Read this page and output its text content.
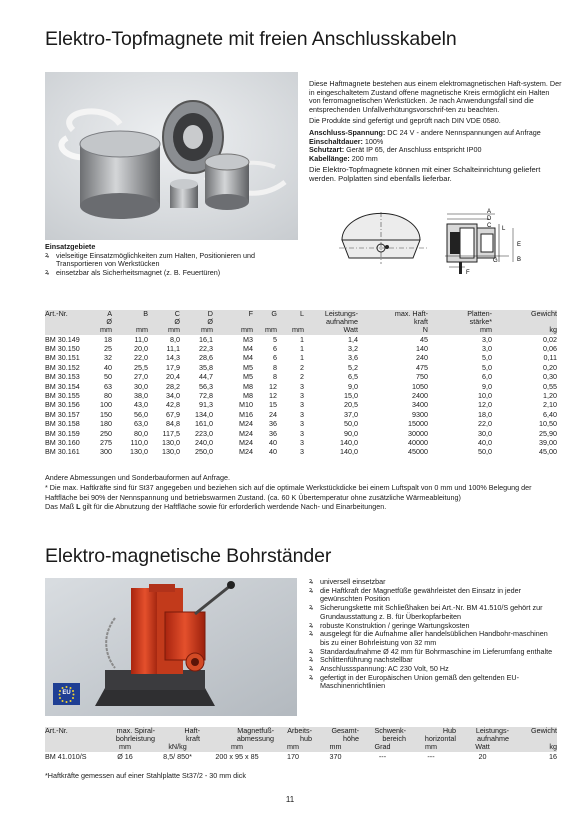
Elektro-Topfmagnete mit freien Anschlusskabeln

Diese Haftmagnete bestehen aus einem elektromagnetischen Haft-system. Der in eingeschaltetem Zustand offene magnetische Kreis ermöglicht ein Halten von ferromagnetischen Werkstücken. Je nach Anwendungsfall sind die entsprechenden Unfallverhütungsvorschrif-ten zu beachten.

Die Produkte sind gefertigt und geprüft nach DIN VDE 0580.

Anschluss-Spannung: DC 24 V - andere Nennspannungen auf Anfrage
Einschaltdauer: 100%
Schutzart: Gerät IP 65, der Anschluss entspricht IP00
Kabellänge: 200 mm

Die Elektro-Topfmagnete können mit einer Schalteinrichtung geliefert werden. Polplatten sind ebenfalls lieferbar.

A
D
C L
E
B
G
F
Einsatzgebiete
ꝝ vielseitige Einsatzmöglichkeiten zum Halten, Positionieren und Transportieren von Werkstücken
ꝝ einsetzbar als Sicherheitsmagnet (z. B. Feuertüren)
Art.-Nr.	A	B	C	D	F	G	L	Leistungs-	max. Haft-	Platten-	Gewicht
	Ø		Ø	Ø				aufnahme	kraft	stärke*	
	mm	mm	mm	mm	mm	mm	mm	Watt	N	mm	kg
BM 30.149	18	11,0	8,0	16,1	M3	5	1	1,4	45	3,0	0,02
BM 30.150	25	20,0	11,1	22,3	M4	6	1	3,2	140	3,0	0,06
BM 30.151	32	22,0	14,3	28,6	M4	6	1	3,6	240	5,0	0,11
BM 30.152	40	25,5	17,9	35,8	M5	8	2	5,2	475	5,0	0,20
BM 30.153	50	27,0	20,4	44,7	M5	8	2	6,5	750	6,0	0,30
BM 30.154	63	30,0	28,2	56,3	M8	12	3	9,0	1050	9,0	0,55
BM 30.155	80	38,0	34,0	72,8	M8	12	3	15,0	2400	10,0	1,20
BM 30.156	100	43,0	42,8	91,3	M10	15	3	20,5	3400	12,0	2,10
BM 30.157	150	56,0	67,9	134,0	M16	24	3	37,0	9300	18,0	6,40
BM 30.158	180	63,0	84,8	161,0	M24	36	3	50,0	15000	22,0	10,50
BM 30.159	250	80,0	117,5	223,0	M24	36	3	90,0	30000	30,0	25,90
BM 30.160	275	110,0	130,0	240,0	M24	40	3	140,0	40000	40,0	39,00
BM 30.161	300	130,0	130,0	250,0	M24	40	3	140,0	45000	50,0	45,00
Andere Abmessungen und Sonderbauformen auf Anfrage.
* Die max. Haftkräfte sind für St37 angegeben und beziehen sich auf die optimale Werkstückdicke bei einem Luftspalt von 0 mm und 100% Belegung der Haftfläche bei 90% der Nennspannung und betriebswarmen Zustand. (ca. 60 K Übertemperatur ohne zusätzliche Wärmeableitung)
Das Maß L gilt für die Abnutzung der Haftfläche sowie für erforderlich werdende Nach- und Einarbeitungen.
Elektro-magnetische Bohrständer
EU
ꝝ universell einsetzbar
ꝝ die Haftkraft der Magnetfüße gewährleistet den Einsatz in jeder gewünschten Position
ꝝ Sicherungskette mit Schließhaken bei Art.-Nr. BM 41.510/S gehört zur Grundausstattung z. B. für Überkopfarbeiten
ꝝ robuste Konstruktion / geringe Wartungskosten
ꝝ ausgelegt für die Aufnahme aller handelsüblichen Handbohr-maschinen bis zu einer Bohrleistung von 32 mm
ꝝ Standardaufnahme Ø 42 mm für Bohrmaschine im Lieferumfang enthalte
ꝝ Schlittenführung nachstellbar
ꝝ Anschlussspannung: AC 230 Volt, 50 Hz
ꝝ gefertigt in der Europäischen Union gemäß den geltenden EU-Maschinenrichtlinien
Art.-Nr.	max. Spiral-	Haft-	Magnetfuß-	Arbeits-	Gesamt-	Schwenk-	Hub	Leistungs-	Gewicht
	bohrleistung	kraft	abmessung	hub	höhe	bereich	horizontal	aufnahme	
	mm	kN/kg	mm	mm	mm	Grad	mm	Watt	kg
BM 41.010/S	Ø 16	8,5/ 850*	200 x 95 x 85	170	370	---	---	20	16
*Haftkräfte gemessen auf einer Stahlplatte St37/2 - 30 mm dick
11
